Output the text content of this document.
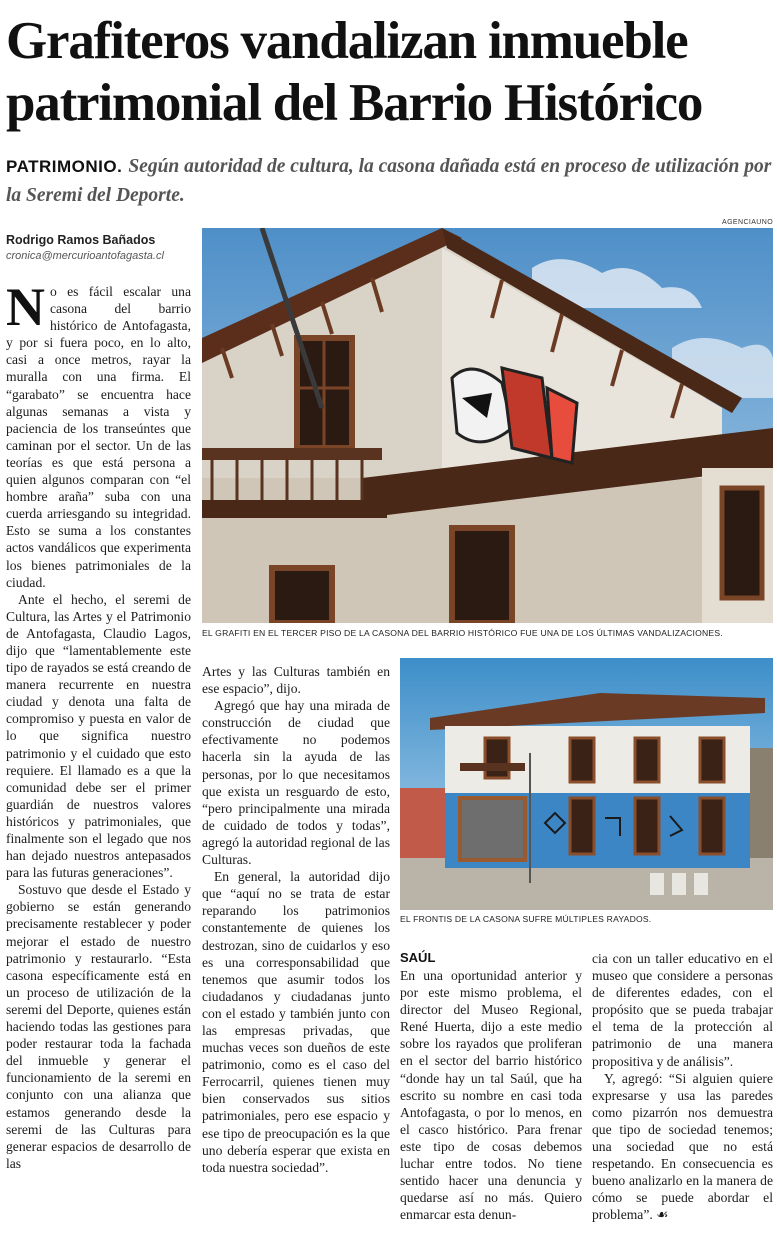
Grafiteros vandalizan inmueble
patrimonial del Barrio Histórico
PATRIMONIO. Según autoridad de cultura, la casona dañada está en proceso de utilización por la Seremi del Deporte.
Rodrigo Ramos Bañados
cronica@mercurioantofagasta.cl
AGENCIAUNO
EL GRAFITI EN EL TERCER PISO DE LA CASONA DEL BARRIO HISTÓRICO FUE UNA DE LOS ÚLTIMAS VANDALIZACIONES.
EL FRONTIS DE LA CASONA SUFRE MÚLTIPLES RAYADOS.

No es fácil escalar una casona del barrio histórico de Antofagasta, y por si fuera poco, en lo alto, casi a once metros, rayar la muralla con una firma. El “garabato” se encuentra hace algunas semanas a vista y paciencia de los transeúntes que caminan por el sector. Un de las teorías es que está persona a quien algunos comparan con “el hombre araña” suba con una cuerda arriesgando su integridad. Esto se suma a los constantes actos vandálicos que experimenta los bienes patrimoniales de la ciudad.

Ante el hecho, el seremi de Cultura, las Artes y el Patrimonio de Antofagasta, Claudio Lagos, dijo que “lamentablemente este tipo de rayados se está creando de manera recurrente en nuestra ciudad y denota una falta de compromiso y puesta en valor de lo que significa nuestro patrimonio y el cuidado que esto requiere. El llamado es a que la comunidad debe ser el primer guardián de nuestros valores históricos y patrimoniales, que finalmente son el legado que nos han dejado nuestros antepasados para las futuras generaciones”.

Sostuvo que desde el Estado y gobierno se están generando precisamente restablecer y poder mejorar el estado de nuestro patrimonio y restaurarlo. “Esta casona específicamente está en un proceso de utilización de la seremi del Deporte, quienes están haciendo todas las gestiones para poder restaurar toda la fachada del inmueble y generar el funcionamiento de la seremi en conjunto con una alianza que estamos generando desde la seremi de las Culturas para generar espacios de desarrollo de las

Artes y las Culturas también en ese espacio”, dijo.

Agregó que hay una mirada de construcción de ciudad que efectivamente no podemos hacerla sin la ayuda de las personas, por lo que necesitamos que exista un resguardo de esto, “pero principalmente una mirada de cuidado de todos y todas”, agregó la autoridad regional de las Culturas.

En general, la autoridad dijo que “aquí no se trata de estar reparando los patrimonios constantemente de quienes los destrozan, sino de cuidarlos y eso es una corresponsabilidad que tenemos que asumir todos los ciudadanos y ciudadanas junto con el estado y también junto con las empresas privadas, que muchas veces son dueños de este patrimonio, como es el caso del Ferrocarril, quienes tienen muy bien conservados sus sitios patrimoniales, pero ese espacio y ese tipo de preocupación es la que uno debería esperar que exista en toda nuestra sociedad”.

SAÚL

En una oportunidad anterior y por este mismo problema, el director del Museo Regional, René Huerta, dijo a este medio sobre los rayados que proliferan en el sector del barrio histórico “donde hay un tal Saúl, que ha escrito su nombre en casi toda Antofagasta, o por lo menos, en el casco histórico. Para frenar este tipo de cosas debemos luchar entre todos. No tiene sentido hacer una denuncia y quedarse así no más. Quiero enmarcar esta denun-

cia con un taller educativo en el museo que considere a personas de diferentes edades, con el propósito que se pueda trabajar el tema de la protección al patrimonio de una manera propositiva y de análisis”.

Y, agregó: “Si alguien quiere expresarse y usa las paredes como pizarrón nos demuestra que tipo de sociedad tenemos; una sociedad que no está respetando. En consecuencia es bueno analizarlo en la manera de cómo se puede abordar el problema”. ☙
